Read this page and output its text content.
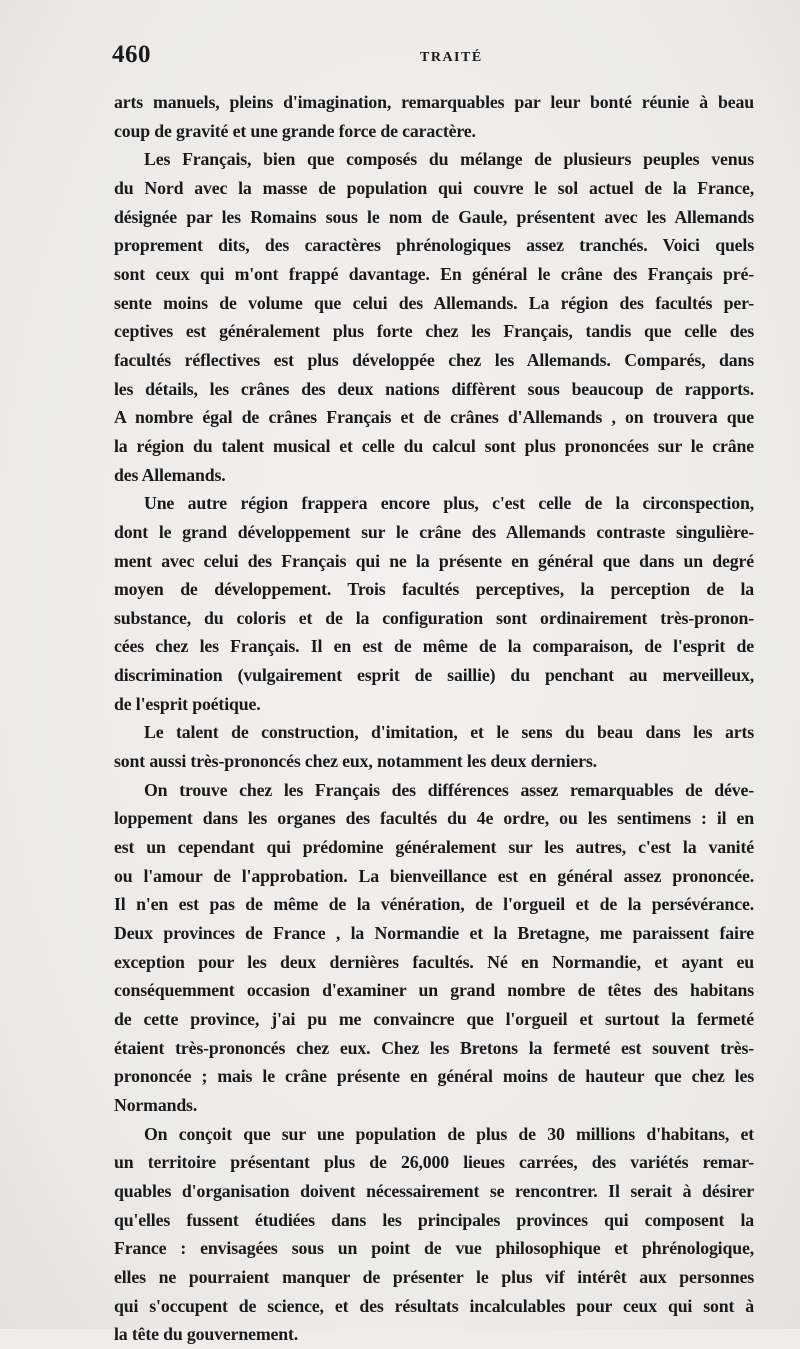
460	TRAITÉ
arts manuels, pleins d'imagination, remarquables par leur bonté réunie à beau
coup de gravité et une grande force de caractère.
Les Français, bien que composés du mélange de plusieurs peuples venus
du Nord avec la masse de population qui couvre le sol actuel de la France,
désignée par les Romains sous le nom de Gaule, présentent avec les Allemands
proprement dits, des caractères phrénologiques assez tranchés. Voici quels
sont ceux qui m'ont frappé davantage. En général le crâne des Français pré-
sente moins de volume que celui des Allemands. La région des facultés per-
ceptives est généralement plus forte chez les Français, tandis que celle des
facultés réflectives est plus développée chez les Allemands. Comparés, dans
les détails, les crânes des deux nations diffèrent sous beaucoup de rapports.
A nombre égal de crânes Français et de crânes d'Allemands , on trouvera que
la région du talent musical et celle du calcul sont plus prononcées sur le crâne
des Allemands.
Une autre région frappera encore plus, c'est celle de la circonspection,
dont le grand développement sur le crâne des Allemands contraste singulière-
ment avec celui des Français qui ne la présente en général que dans un degré
moyen de développement. Trois facultés perceptives, la perception de la
substance, du coloris et de la configuration sont ordinairement très-pronon-
cées chez les Français. Il en est de même de la comparaison, de l'esprit de
discrimination (vulgairement esprit de saillie) du penchant au merveilleux,
de l'esprit poétique.
Le talent de construction, d'imitation, et le sens du beau dans les arts
sont aussi très-prononcés chez eux, notamment les deux derniers.
On trouve chez les Français des différences assez remarquables de déve-
loppement dans les organes des facultés du 4e ordre, ou les sentimens : il en
est un cependant qui prédomine généralement sur les autres, c'est la vanité
ou l'amour de l'approbation. La bienveillance est en général assez prononcée.
Il n'en est pas de même de la vénération, de l'orgueil et de la persévérance.
Deux provinces de France , la Normandie et la Bretagne, me paraissent faire
exception pour les deux dernières facultés. Né en Normandie, et ayant eu
conséquemment occasion d'examiner un grand nombre de têtes des habitans
de cette province, j'ai pu me convaincre que l'orgueil et surtout la fermeté
étaient très-prononcés chez eux. Chez les Bretons la fermeté est souvent très-
prononcée ; mais le crâne présente en général moins de hauteur que chez les
Normands.
On conçoit que sur une population de plus de 30 millions d'habitans, et
un territoire présentant plus de 26,000 lieues carrées, des variétés remar-
quables d'organisation doivent nécessairement se rencontrer. Il serait à désirer
qu'elles fussent étudiées dans les principales provinces qui composent la
France : envisagées sous un point de vue philosophique et phrénologique,
elles ne pourraient manquer de présenter le plus vif intérêt aux personnes
qui s'occupent de science, et des résultats incalculables pour ceux qui sont à
la tête du gouvernement.
